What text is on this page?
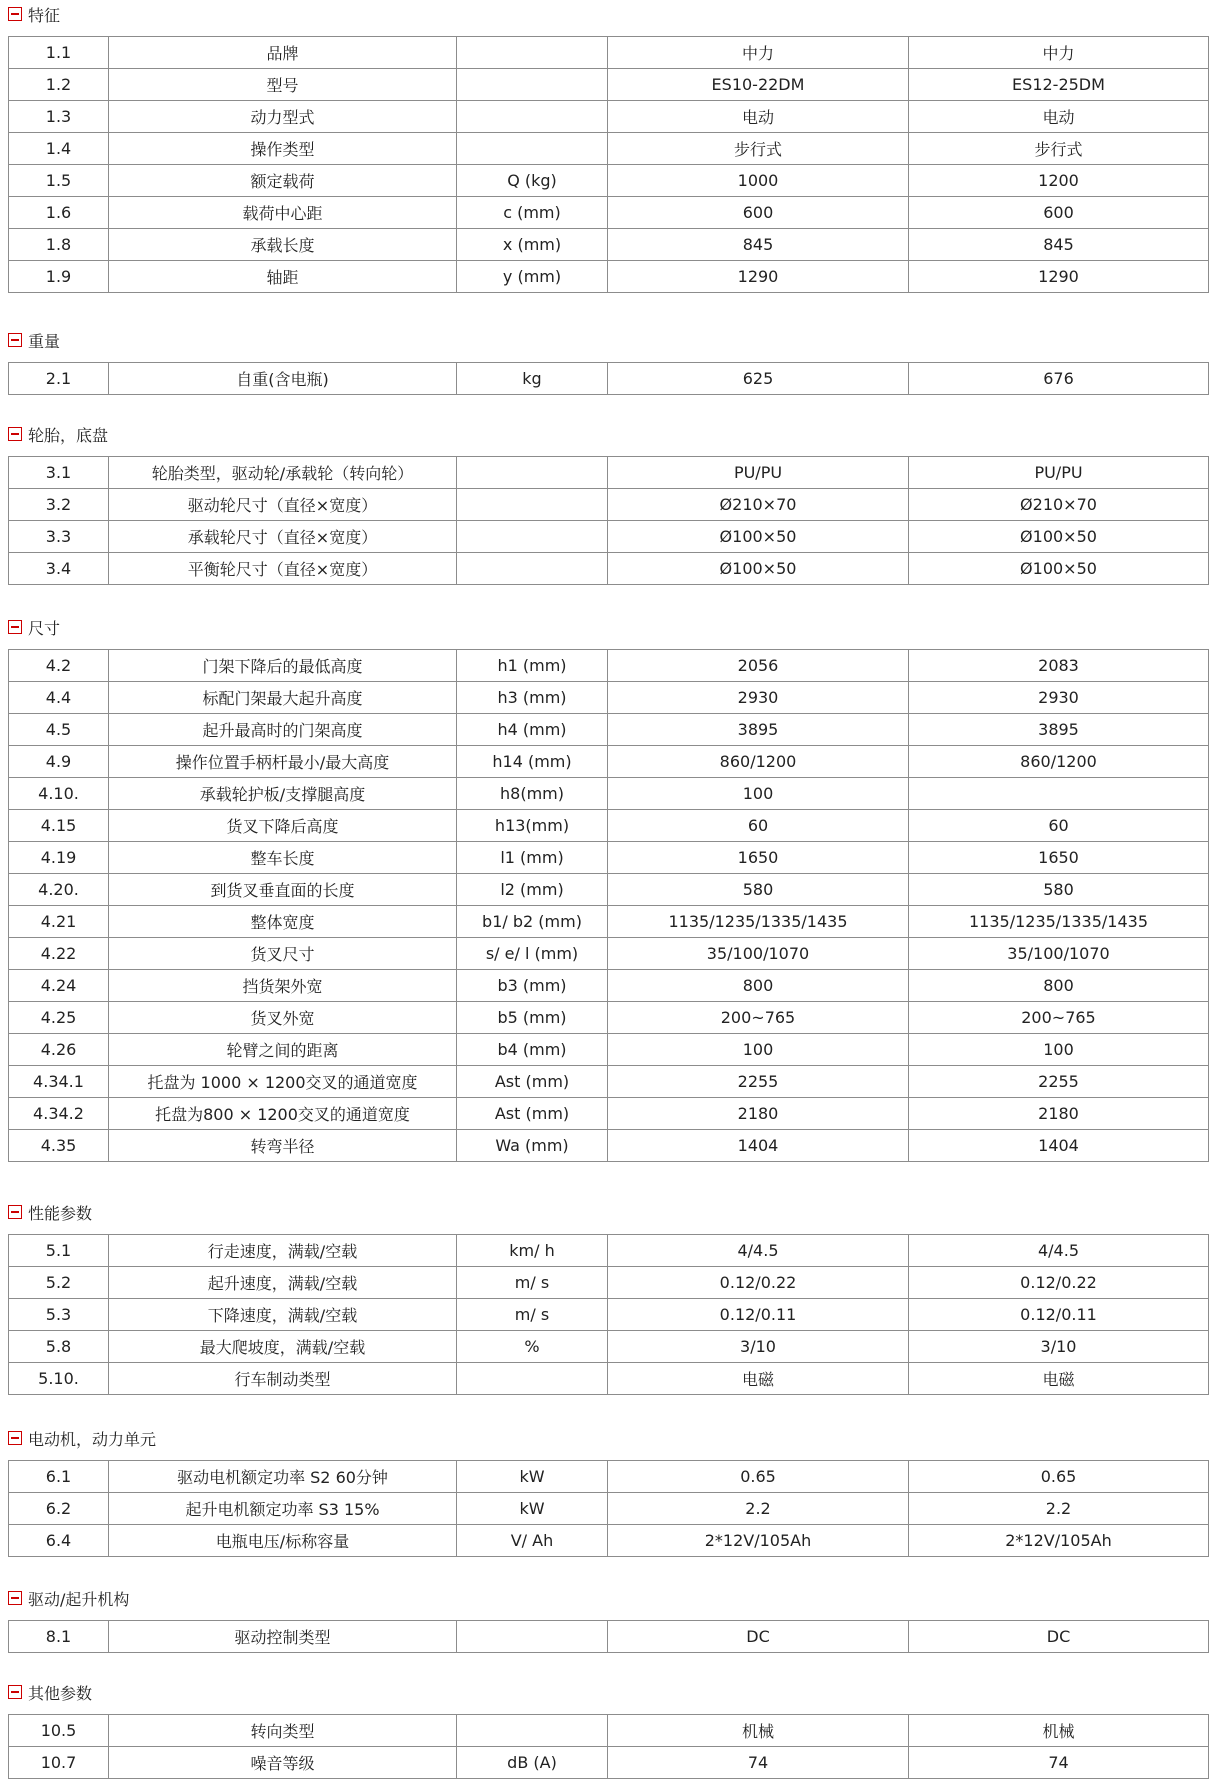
特征
1.1	品牌		中力	中力
1.2	型号		ES10-22DM	ES12-25DM
1.3	动力型式		电动	电动
1.4	操作类型		步行式	步行式
1.5	额定载荷	Q (kg)	1000	1200
1.6	载荷中心距	c (mm)	600	600
1.8	承载长度	x (mm)	845	845
1.9	轴距	y (mm)	1290	1290
重量
2.1	自重(含电瓶)	kg	625	676
轮胎，底盘
3.1	轮胎类型，驱动轮/承载轮（转向轮）		PU/PU	PU/PU
3.2	驱动轮尺寸（直径×宽度）		Ø210×70	Ø210×70
3.3	承载轮尺寸（直径×宽度）		Ø100×50	Ø100×50
3.4	平衡轮尺寸（直径×宽度）		Ø100×50	Ø100×50
尺寸
4.2	门架下降后的最低高度	h1 (mm)	2056	2083
4.4	标配门架最大起升高度	h3 (mm)	2930	2930
4.5	起升最高时的门架高度	h4 (mm)	3895	3895
4.9	操作位置手柄杆最小/最大高度	h14 (mm)	860/1200	860/1200
4.10.	承载轮护板/支撑腿高度	h8(mm)	100	
4.15	货叉下降后高度	h13(mm)	60	60
4.19	整车长度	l1 (mm)	1650	1650
4.20.	到货叉垂直面的长度	l2 (mm)	580	580
4.21	整体宽度	b1/ b2 (mm)	1135/1235/1335/1435	1135/1235/1335/1435
4.22	货叉尺寸	s/ e/ l (mm)	35/100/1070	35/100/1070
4.24	挡货架外宽	b3 (mm)	800	800
4.25	货叉外宽	b5 (mm)	200~765	200~765
4.26	轮臂之间的距离	b4 (mm)	100	100
4.34.1	托盘为 1000 × 1200交叉的通道宽度	Ast (mm)	2255	2255
4.34.2	托盘为800 × 1200交叉的通道宽度	Ast (mm)	2180	2180
4.35	转弯半径	Wa (mm)	1404	1404
性能参数
5.1	行走速度，满载/空载	km/ h	4/4.5	4/4.5
5.2	起升速度，满载/空载	m/ s	0.12/0.22	0.12/0.22
5.3	下降速度，满载/空载	m/ s	0.12/0.11	0.12/0.11
5.8	最大爬坡度，满载/空载	%	3/10	3/10
5.10.	行车制动类型		电磁	电磁
电动机，动力单元
6.1	驱动电机额定功率 S2 60分钟	kW	0.65	0.65
6.2	起升电机额定功率 S3 15%	kW	2.2	2.2
6.4	电瓶电压/标称容量	V/ Ah	2*12V/105Ah	2*12V/105Ah
驱动/起升机构
8.1	驱动控制类型		DC	DC
其他参数
10.5	转向类型		机械	机械
10.7	噪音等级	dB (A)	74	74
